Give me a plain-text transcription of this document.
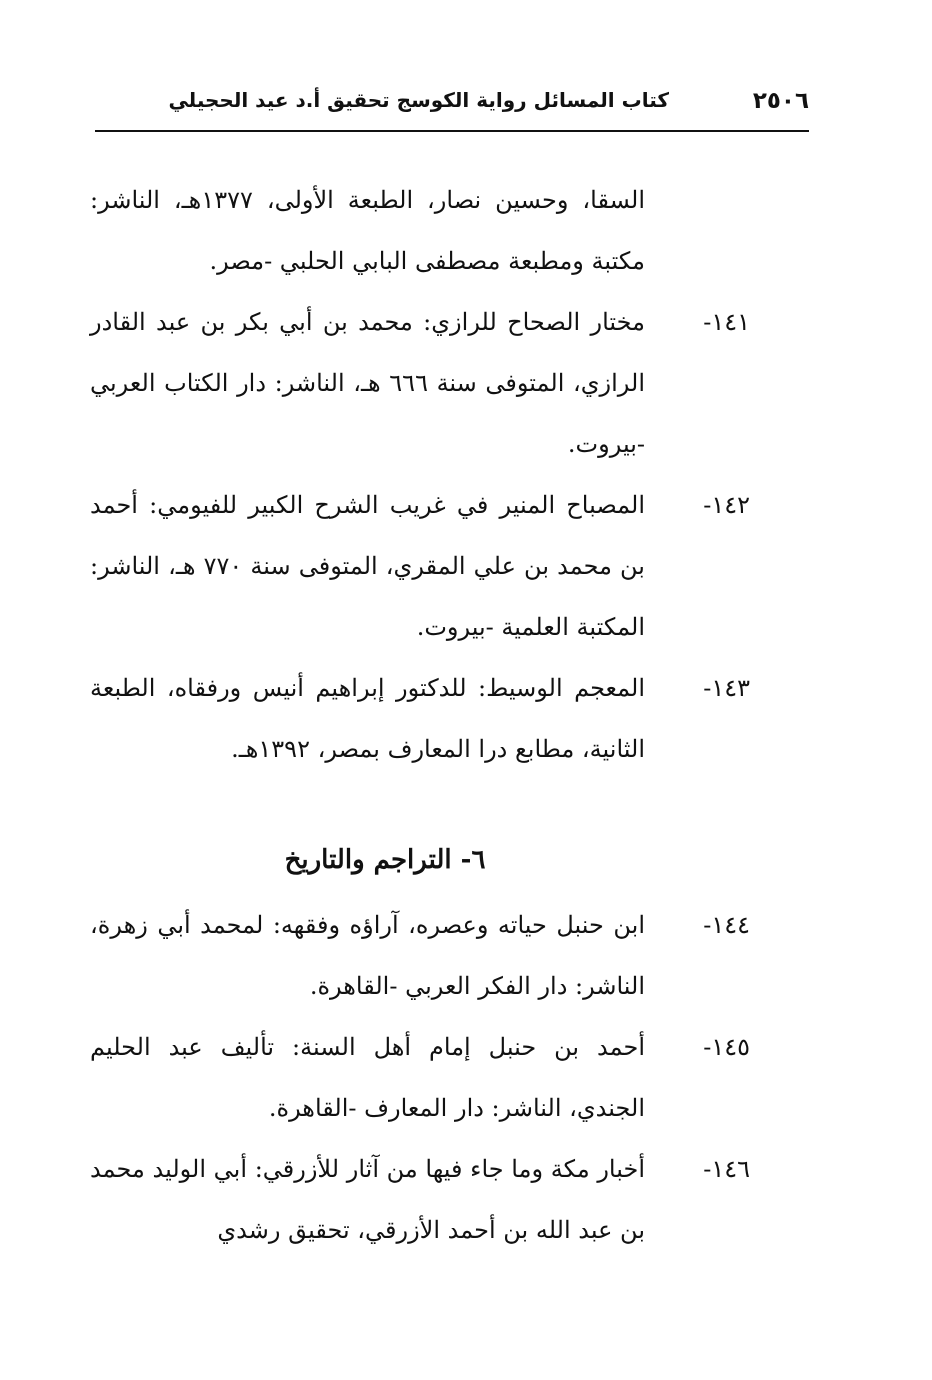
٢٥٠٦
كتاب المسائل رواية الكوسج تحقيق أ.د عيد الحجيلي
السقا، وحسين نصار، الطبعة الأولى، ١٣٧٧هـ، الناشر: مكتبة ومطبعة مصطفى البابي الحلبي -مصر.
١٤١-
مختار الصحاح للرازي: محمد بن أبي بكر بن عبد القادر الرازي، المتوفى سنة ٦٦٦ هـ، الناشر: دار الكتاب العربي -بيروت.
١٤٢-
المصباح المنير في غريب الشرح الكبير للفيومي: أحمد بن محمد بن علي المقري، المتوفى سنة ٧٧٠ هـ، الناشر: المكتبة العلمية -بيروت.
١٤٣-
المعجم الوسيط: للدكتور إبراهيم أنيس ورفقاه، الطبعة الثانية، مطابع درا المعارف بمصر، ١٣٩٢هـ.
٦- التراجم والتاريخ
١٤٤-
ابن حنبل حياته وعصره، آراؤه وفقهه: لمحمد أبي زهرة، الناشر: دار الفكر العربي -القاهرة.
١٤٥-
أحمد بن حنبل إمام أهل السنة: تأليف عبد الحليم الجندي، الناشر: دار المعارف -القاهرة.
١٤٦-
أخبار مكة وما جاء فيها من آثار للأزرقي: أبي الوليد محمد بن عبد الله بن أحمد الأزرقي، تحقيق رشدي
